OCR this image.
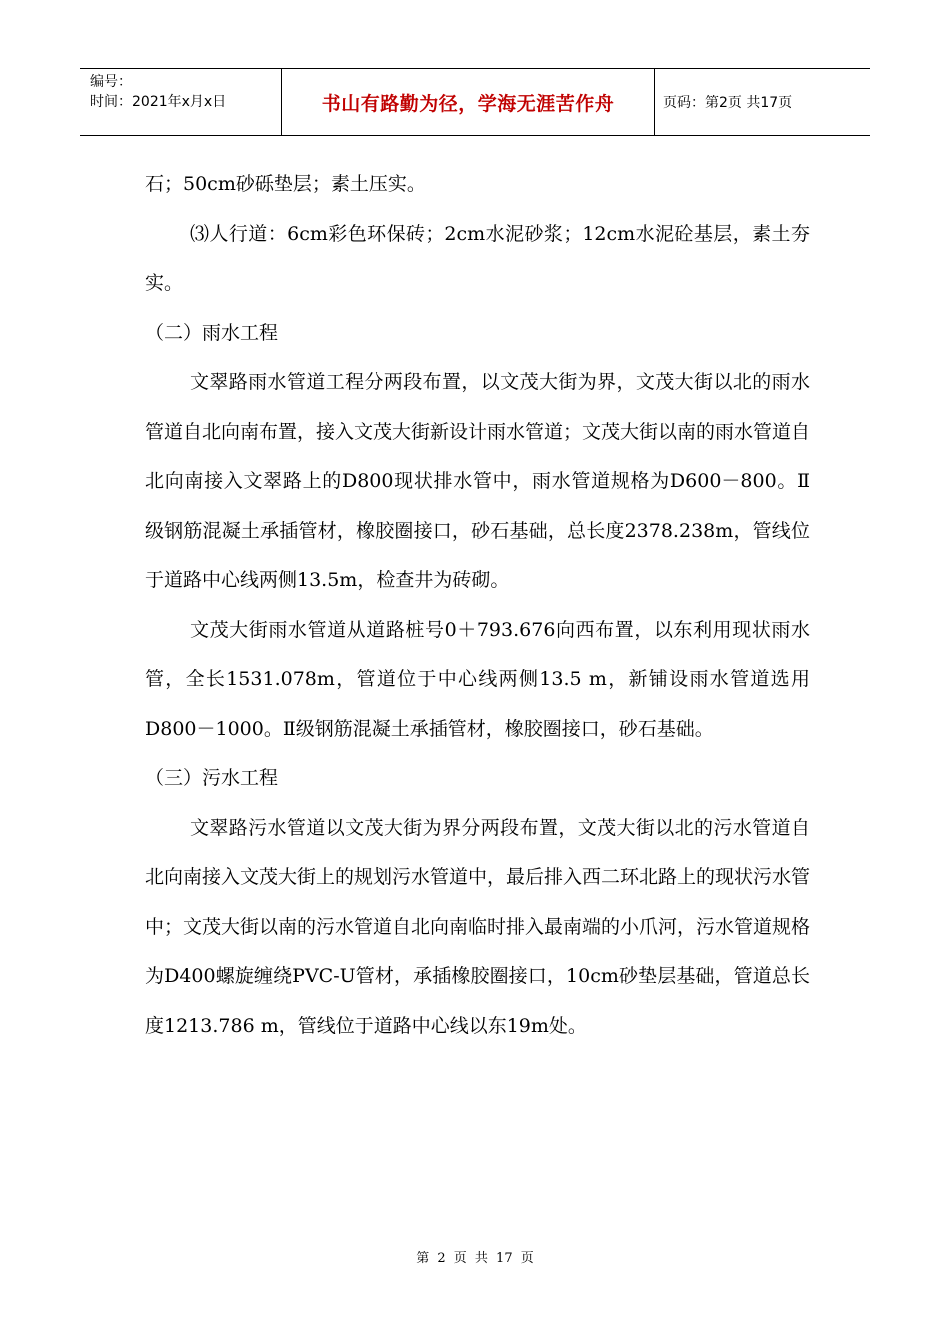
编号：
时间：2021年x月x日	书山有路勤为径，学海无涯苦作舟	页码：第2页 共17页

石；50cm砂砾垫层；素土压实。

⑶人行道：6cm彩色环保砖；2cm水泥砂浆；12cm水泥砼基层，素土夯实。

（二）雨水工程

文翠路雨水管道工程分两段布置，以文茂大街为界，文茂大街以北的雨水管道自北向南布置，接入文茂大街新设计雨水管道；文茂大街以南的雨水管道自北向南接入文翠路上的D800现状排水管中，雨水管道规格为D600－800。Ⅱ级钢筋混凝土承插管材，橡胶圈接口，砂石基础，总长度2378.238m，管线位于道路中心线两侧13.5m，检查井为砖砌。

文茂大街雨水管道从道路桩号0＋793.676向西布置，以东利用现状雨水管，全长1531.078m，管道位于中心线两侧13.5 m，新铺设雨水管道选用D800－1000。Ⅱ级钢筋混凝土承插管材，橡胶圈接口，砂石基础。

（三）污水工程

文翠路污水管道以文茂大街为界分两段布置，文茂大街以北的污水管道自北向南接入文茂大街上的规划污水管道中，最后排入西二环北路上的现状污水管中；文茂大街以南的污水管道自北向南临时排入最南端的小爪河，污水管道规格为D400螺旋缠绕PVC-U管材，承插橡胶圈接口，10cm砂垫层基础，管道总长度1213.786 m，管线位于道路中心线以东19m处。

第 2 页 共 17 页
